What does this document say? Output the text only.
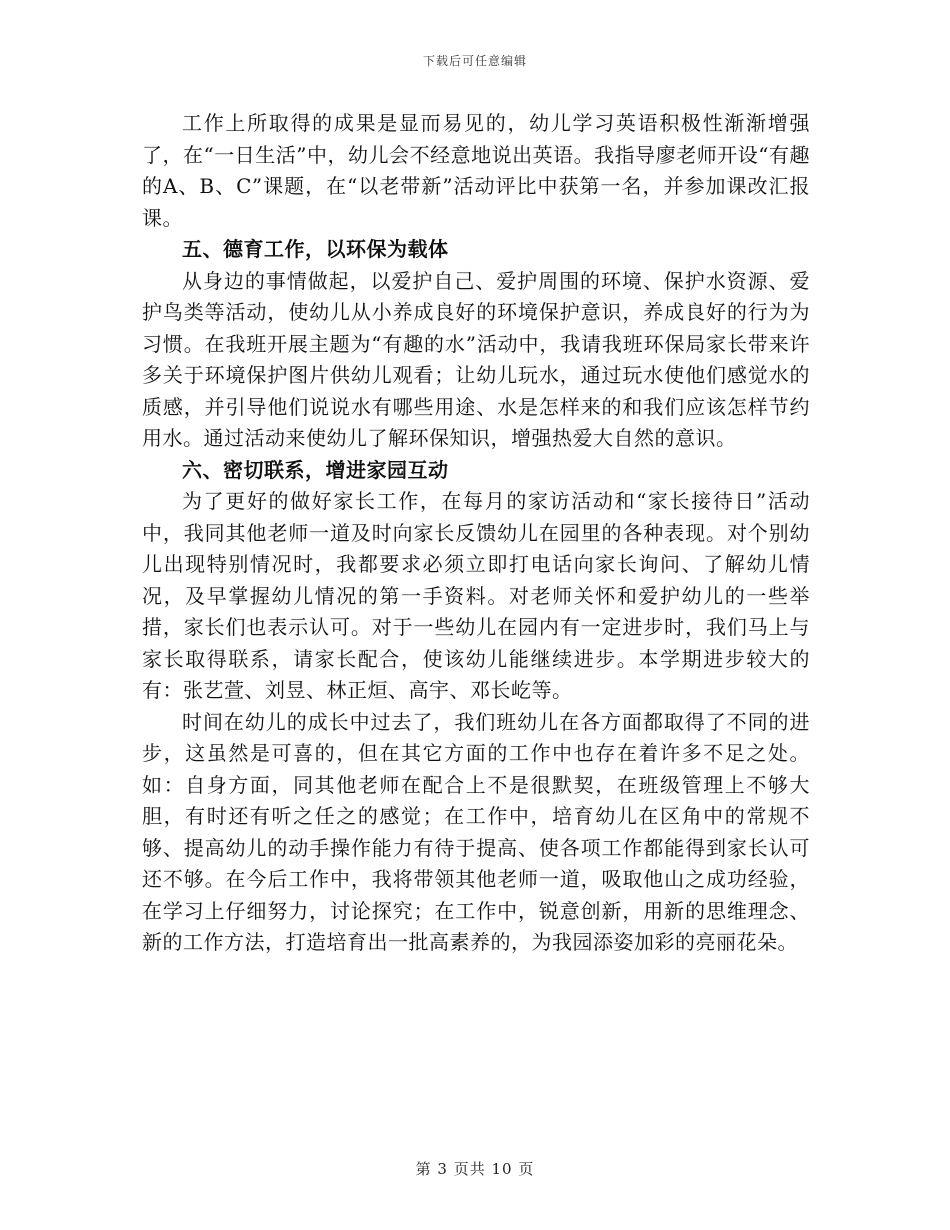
下载后可任意编辑

工作上所取得的成果是显而易见的，幼儿学习英语积极性渐渐增强了，在“一日生活”中，幼儿会不经意地说出英语。我指导廖老师开设“有趣的A、B、C”课题，在“以老带新”活动评比中获第一名，并参加课改汇报课。

五、德育工作，以环保为载体

从身边的事情做起，以爱护自己、爱护周围的环境、保护水资源、爱护鸟类等活动，使幼儿从小养成良好的环境保护意识，养成良好的行为为习惯。在我班开展主题为“有趣的水”活动中，我请我班环保局家长带来许多关于环境保护图片供幼儿观看；让幼儿玩水，通过玩水使他们感觉水的质感，并引导他们说说水有哪些用途、水是怎样来的和我们应该怎样节约用水。通过活动来使幼儿了解环保知识，增强热爱大自然的意识。

六、密切联系，增进家园互动

为了更好的做好家长工作，在每月的家访活动和“家长接待日”活动中，我同其他老师一道及时向家长反馈幼儿在园里的各种表现。对个别幼儿出现特别情况时，我都要求必须立即打电话向家长询问、了解幼儿情况，及早掌握幼儿情况的第一手资料。对老师关怀和爱护幼儿的一些举措，家长们也表示认可。对于一些幼儿在园内有一定进步时，我们马上与家长取得联系，请家长配合，使该幼儿能继续进步。本学期进步较大的有：张艺萱、刘昱、林正烜、高宇、邓长屹等。

时间在幼儿的成长中过去了，我们班幼儿在各方面都取得了不同的进步，这虽然是可喜的，但在其它方面的工作中也存在着许多不足之处。如：自身方面，同其他老师在配合上不是很默契，在班级管理上不够大胆，有时还有听之任之的感觉；在工作中，培育幼儿在区角中的常规不够、提高幼儿的动手操作能力有待于提高、使各项工作都能得到家长认可还不够。在今后工作中，我将带领其他老师一道，吸取他山之成功经验，在学习上仔细努力，讨论探究；在工作中，锐意创新，用新的思维理念、新的工作方法，打造培育出一批高素养的，为我园添姿加彩的亮丽花朵。

第 3 页共 10 页
